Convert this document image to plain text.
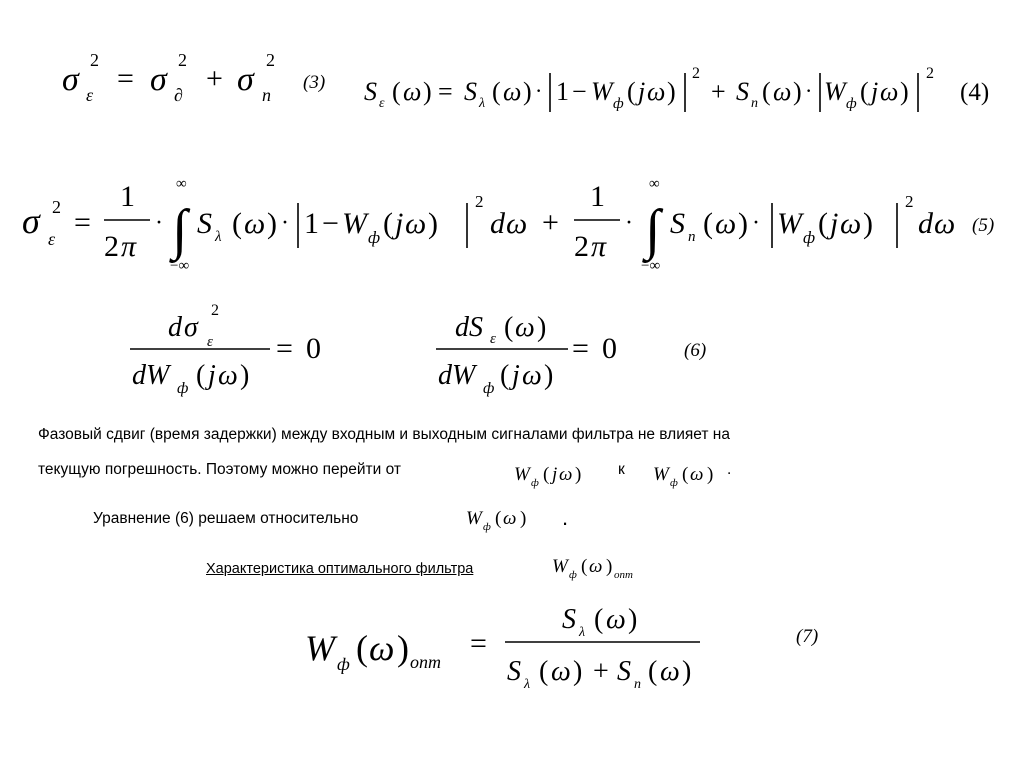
σ ε
2
= σ ∂
2
+ σ n
2
(3) S ε ( ω ) = S λ ( ω ) · 1 − W ф ( j ω )
2
+ S n ( ω ) · W ф ( j ω )
2
(4)
σ ε
2 =
1
2 π
·
∞
∫
−∞
S λ ( ω ) · 1 − W ф ( j ω )
2
d ω +
1
2 π
·
∞
∫
−∞
S n ( ω ) · W ф ( j ω )
2
d ω (5)
d σ ε
2
dW ф ( j ω )
= 0
dS ε ( ω )
dW ф ( j ω )
= 0	(6)
W ф ( j ω )	W ф ( ω )
W ф ( ω )
W ф ( ω ) опт
W ф ( ω ) опт
=
S λ ( ω )
S λ ( ω ) + S n ( ω )
(7)
Фазовый сдвиг (время задержки) между входным и выходным сигналами фильтра не влияет на
текущую погрешность. Поэтому можно перейти от	к	.
Уравнение (6) решаем относительно	.
Характеристика оптимального фильтра
